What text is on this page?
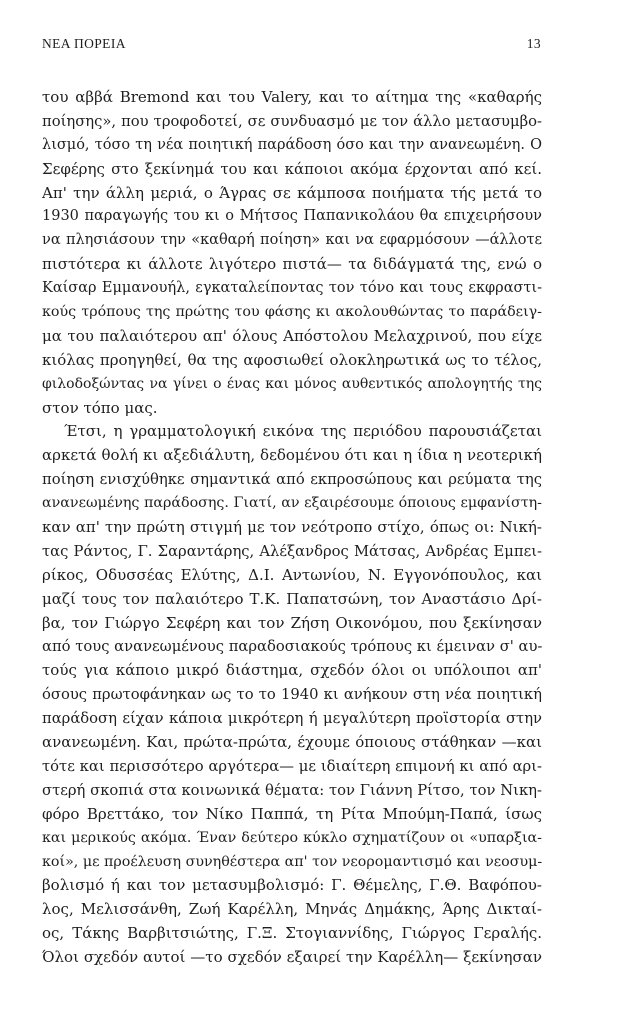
ΝΕΑ ΠΟΡΕΙΑ	13
του αββά Bremond και του Valery, και το αίτημα της «καθαρής
ποίησης», που τροφοδοτεί, σε συνδυασμό με τον άλλο μετασυμβο-
λισμό, τόσο τη νέα ποιητική παράδοση όσο και την ανανεωμένη. Ο
Σεφέρης στο ξεκίνημά του και κάποιοι ακόμα έρχονται από κεί.
Απ' την άλλη μεριά, ο Άγρας σε κάμποσα ποιήματα τής μετά το
1930 παραγωγής του κι ο Μήτσος Παπανικολάου θα επιχειρήσουν
να πλησιάσουν την «καθαρή ποίηση» και να εφαρμόσουν —άλλοτε
πιστότερα κι άλλοτε λιγότερο πιστά— τα διδάγματά της, ενώ ο
Καίσαρ Εμμανουήλ, εγκαταλείποντας τον τόνο και τους εκφραστι-
κούς τρόπους της πρώτης του φάσης κι ακολουθώντας το παράδειγ-
μα του παλαιότερου απ' όλους Απόστολου Μελαχρινού, που είχε
κιόλας προηγηθεί, θα της αφοσιωθεί ολοκληρωτικά ως το τέλος,
φιλοδοξώντας να γίνει ο ένας και μόνος αυθεντικός απολογητής της
στον τόπο μας.
Έτσι, η γραμματολογική εικόνα της περιόδου παρουσιάζεται
αρκετά θολή κι αξεδιάλυτη, δεδομένου ότι και η ίδια η νεοτερική
ποίηση ενισχύθηκε σημαντικά από εκπροσώπους και ρεύματα της
ανανεωμένης παράδοσης. Γιατί, αν εξαιρέσουμε όποιους εμφανίστη-
καν απ' την πρώτη στιγμή με τον νεότροπο στίχο, όπως οι: Νική-
τας Ράντος, Γ. Σαραντάρης, Αλέξανδρος Μάτσας, Ανδρέας Εμπει-
ρίκος, Οδυσσέας Ελύτης, Δ.Ι. Αντωνίου, Ν. Εγγονόπουλος, και
μαζί τους τον παλαιότερο Τ.Κ. Παπατσώνη, τον Αναστάσιο Δρί-
βα, τον Γιώργο Σεφέρη και τον Ζήση Οικονόμου, που ξεκίνησαν
από τους ανανεωμένους παραδοσιακούς τρόπους κι έμειναν σ' αυ-
τούς για κάποιο μικρό διάστημα, σχεδόν όλοι οι υπόλοιποι απ'
όσους πρωτοφάνηκαν ως το το 1940 κι ανήκουν στη νέα ποιητική
παράδοση είχαν κάποια μικρότερη ή μεγαλύτερη προϊστορία στην
ανανεωμένη. Και, πρώτα-πρώτα, έχουμε όποιους στάθηκαν —και
τότε και περισσότερο αργότερα— με ιδιαίτερη επιμονή κι από αρι-
στερή σκοπιά στα κοινωνικά θέματα: τον Γιάννη Ρίτσο, τον Νικη-
φόρο Βρεττάκο, τον Νίκο Παππά, τη Ρίτα Μπούμη-Παπά, ίσως
και μερικούς ακόμα. Έναν δεύτερο κύκλο σχηματίζουν οι «υπαρξια-
κοί», με προέλευση συνηθέστερα απ' τον νεορομαντισμό και νεοσυμ-
βολισμό ή και τον μετασυμβολισμό: Γ. Θέμελης, Γ.Θ. Βαφόπου-
λος, Μελισσάνθη, Ζωή Καρέλλη, Μηνάς Δημάκης, Άρης Δικταί-
ος, Τάκης Βαρβιτσιώτης, Γ.Ξ. Στογιαννίδης, Γιώργος Γεραλής.
Όλοι σχεδόν αυτοί —το σχεδόν εξαιρεί την Καρέλλη— ξεκίνησαν
